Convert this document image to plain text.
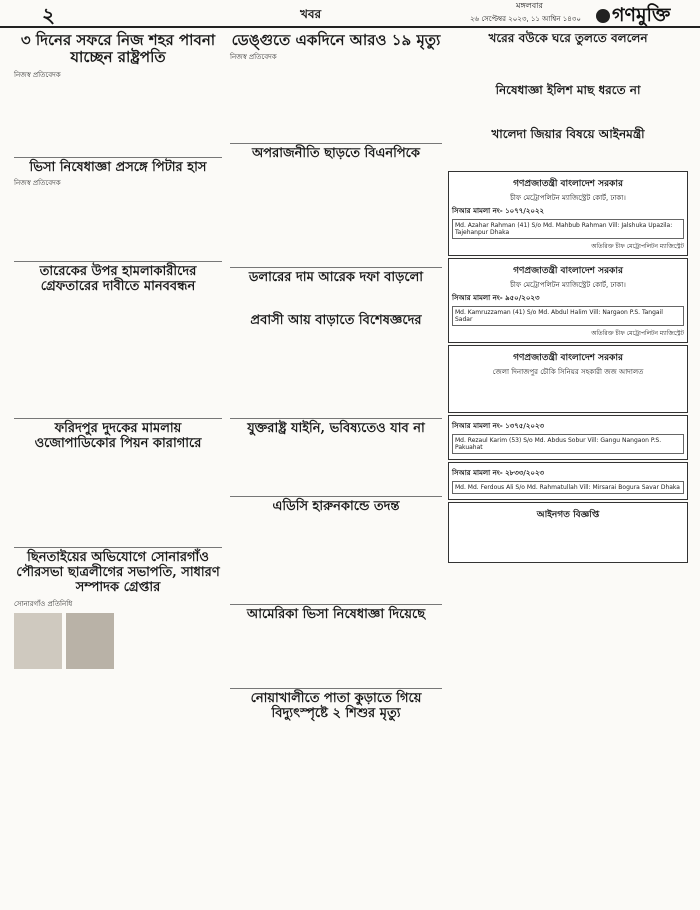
২	খবর
মঙ্গলবার
২৬ সেপ্টেম্বর ২০২৩, ১১ আশ্বিন ১৪৩০	গণমুক্তি
৩ দিনের সফরে নিজ শহর পাবনা যাচ্ছেন রাষ্ট্রপতি
নিজস্ব প্রতিবেদক
ভিসা নিষেধাজ্ঞা প্রসঙ্গে পিটার হাস
নিজস্ব প্রতিবেদক
তারেকের উপর হামলাকারীদের গ্রেফতারের দাবীতে মানববন্ধন
ফরিদপুর দুদকের মামলায় ওজোপাডিকোর পিয়ন কারাগারে
ছিনতাইয়ের অভিযোগে সোনারগাঁও পৌরসভা ছাত্রলীগের সভাপতি, সাধারণ সম্পাদক গ্রেপ্তার
সোনারগাঁও প্রতিনিধি
ডেঙ্গুতে একদিনে আরও ১৯ মৃত্যু
নিজস্ব প্রতিবেদক
অপরাজনীতি ছাড়তে বিএনপিকে
ডলারের দাম আরেক দফা বাড়লো
প্রবাসী আয় বাড়াতে বিশেষজ্ঞদের
যুক্তরাষ্ট্র যাইনি, ভবিষ্যতেও যাব না
এডিসি হারুনকান্ডে তদন্ত
আমেরিকা ভিসা নিষেধাজ্ঞা দিয়েছে
নোয়াখালীতে পাতা কুড়াতে গিয়ে বিদ্যুৎস্পৃষ্টে ২ শিশুর মৃত্যু
খরের বউকে ঘরে তুলতে বললেন
নিষেধাজ্ঞা ইলিশ মাছ ধরতে না
খালেদা জিয়ার বিষয়ে আইনমন্ত্রী
গণপ্রজাতন্ত্রী বাংলাদেশ সরকার
চীফ মেট্রোপলিটন ম্যাজিস্ট্রেট কোর্ট, ঢাকা।
সিআর মামলা নং- ১০৭৭/২০২২
Md. Azahar Rahman (41) S/o Md. Mahbub Rahman Vill: Jalshuka Upazila: Tajehanpur Dhaka
অতিরিক্ত চীফ মেট্রোপলিটন ম্যাজিস্ট্রেট
গণপ্রজাতন্ত্রী বাংলাদেশ সরকার
চীফ মেট্রোপলিটন ম্যাজিস্ট্রেট কোর্ট, ঢাকা।
সিআর মামলা নং- ৯৫০/২০২৩
Md. Kamruzzaman (41) S/o Md. Abdul Halim Vill: Nargaon P.S. Tangail Sadar
অতিরিক্ত চীফ মেট্রোপলিটন ম্যাজিস্ট্রেট
গণপ্রজাতন্ত্রী বাংলাদেশ সরকার
জেলা দিনাজপুর চৌকি সিনিয়র সহকারী জজ আদালত
সিআর মামলা নং- ১৩৭৫/২০২৩
Md. Rezaul Karim (53) S/o Md. Abdus Sobur Vill: Gangu Nangaon P.S. Pakuahat
সিআর মামলা নং- ২৮৩৩/২০২৩
Md. Md. Ferdous Ali S/o Md. Rahmatullah Vill: Mirsarai Bogura Savar Dhaka
আইনগত বিজ্ঞপ্তি
